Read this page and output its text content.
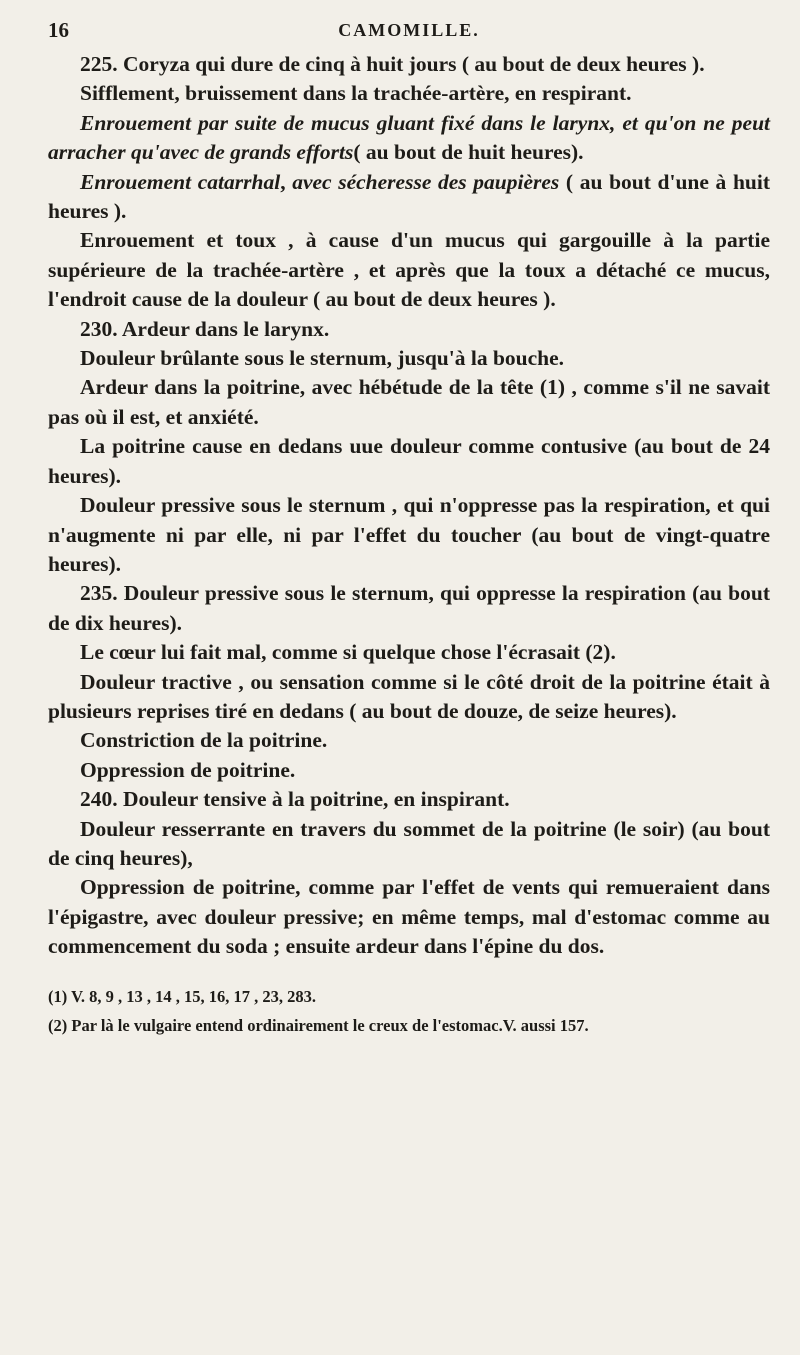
16	CAMOMILLE.

225. Coryza qui dure de cinq à huit jours ( au bout de deux heures ).

Sifflement, bruissement dans la trachée-artère, en respirant.

Enrouement par suite de mucus gluant fixé dans le larynx, et qu'on ne peut arracher qu'avec de grands efforts( au bout de huit heures).

Enrouement catarrhal, avec sécheresse des paupières ( au bout d'une à huit heures ).

Enrouement et toux , à cause d'un mucus qui gargouille à la partie supérieure de la trachée-artère , et après que la toux a détaché ce mucus, l'endroit cause de la douleur ( au bout de deux heures ).

230. Ardeur dans le larynx.

Douleur brûlante sous le sternum, jusqu'à la bouche.

Ardeur dans la poitrine, avec hébétude de la tête (1) , comme s'il ne savait pas où il est, et anxiété.

La poitrine cause en dedans uue douleur comme contusive (au bout de 24 heures).

Douleur pressive sous le sternum , qui n'oppresse pas la respiration, et qui n'augmente ni par elle, ni par l'effet du toucher (au bout de vingt-quatre heures).

235. Douleur pressive sous le sternum, qui oppresse la respiration (au bout de dix heures).

Le cœur lui fait mal, comme si quelque chose l'écrasait (2).

Douleur tractive , ou sensation comme si le côté droit de la poitrine était à plusieurs reprises tiré en dedans ( au bout de douze, de seize heures).

Constriction de la poitrine.

Oppression de poitrine.

240. Douleur tensive à la poitrine, en inspirant.

Douleur resserrante en travers du sommet de la poitrine (le soir) (au bout de cinq heures),

Oppression de poitrine, comme par l'effet de vents qui remueraient dans l'épigastre, avec douleur pressive; en même temps, mal d'estomac comme au commencement du soda ; ensuite ardeur dans l'épine du dos.

(1) V. 8, 9 , 13 , 14 , 15, 16, 17 , 23, 283.

(2) Par là le vulgaire entend ordinairement le creux de l'estomac.V. aussi 157.
